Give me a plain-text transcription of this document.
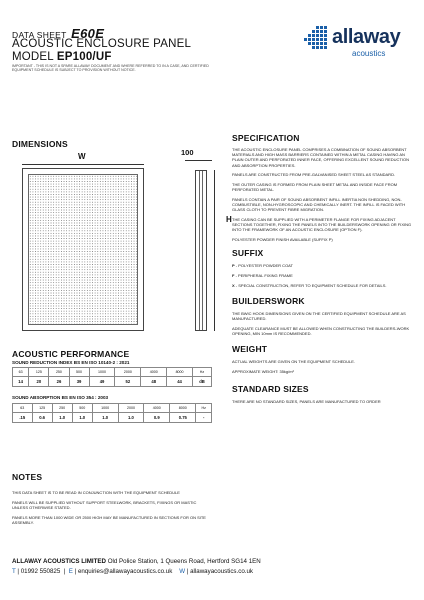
DATA SHEET E60E
ACOUSTIC ENCLOSURE PANEL
MODEL EP100/UF
IMPORTANT - THIS IS NOT A SPARE ALLAWAY DOCUMENT AND WHERE REFERRED TO IN A CASE, AND CERTIFIED EQUIPMENT SCHEDULE IS SUBJECT TO PROVISION WITHOUT NOTICE.
allaway
acoustics
DIMENSIONS
W	100
H
SPECIFICATION
THE ACOUSTIC ENCLOSURE PANEL COMPRISES A COMBINATION OF SOUND ABSORBENT MATERIALS AND HIGH MASS BARRIERS CONTAINED WITHIN A METAL CASING HAVING AN PLAIN OUTER AND PERFORATED INNER FACE, OFFERING EXCELLENT SOUND REDUCTION AND ABSORPTION PROPERTIES.
PANELS ARE CONSTRUCTED FROM PRE-GALVANISED SHEET STEEL AS STANDARD.
THE OUTER CASING IS FORMED FROM PLAIN SHEET METAL AND INSIDE FACE FROM PERFORATED METAL.
PANELS CONTAIN A PAIR OF SOUND ABSORBENT INFILL INERTIA NON SHEDDING, NON-COMBUSTIBLE, NON-HYGROSCOPIC AND CHEMICALLY INERT. THE INFILL IS FACED WITH GLASS CLOTH TO PREVENT FIBRE MIGRATION.
THE CASING CAN BE SUPPLIED WITH A PERIMETER FLANGE FOR FIXING ADJACENT SECTIONS TOGETHER, FIXING THE PANELS INTO THE BUILDERSWORK OPENING OR FIXING INTO THE FRAMEWORK OF AN ACOUSTIC ENCLOSURE (OPTION F).
POLYESTER POWDER FINISH AVAILABLE (SUFFIX P)
SUFFIX
P - POLYESTER POWDER COAT
F - PERIPHERAL FIXING FRAME
X - SPECIAL CONSTRUCTION, REFER TO EQUIPMENT SCHEDULE FOR DETAILS.
BUILDERSWORK
THE BWIC HOOK DIMENSIONS GIVEN ON THE CERTIFIED EQUIPMENT SCHEDULE ARE AS MANUFACTURED.
ADEQUATE CLEARANCE MUST BE ALLOWED WHEN CONSTRUCTING THE BUILDERS-WORK OPENING, MIN 10mm IS RECOMMENDED.
WEIGHT
ACTUAL WEIGHTS ARE GIVEN ON THE EQUIPMENT SCHEDULE.
APPROXIMATE WEIGHT: 35kg/m²
STANDARD SIZES
THERE ARE NO STANDARD SIZES, PANELS ARE MANUFACTURED TO ORDER
ACOUSTIC PERFORMANCE
SOUND REDUCTION INDEX BS EN ISO 10140-2 : 2021
63	125	250	500	1000	2000	4000	8000	Hz
14	20	26	39	49	52	48	44	dB
SOUND ABSORPTION BS EN ISO 354 : 2003
63	125	250	500	1000	2000	4000	8000	Hz
.15	0.6	1.0	1.0	1.0	1.0	0.9	0.75	-
NOTES
THIS DATA SHEET IS TO BE READ IN CONJUNCTION WITH THE EQUIPMENT SCHEDULE
PANELS WILL BE SUPPLIED WITHOUT SUPPORT STEELWORK, BRACKETS, FIXINGS OR MASTIC UNLESS OTHERWISE STATED.
PANELS MORE THAN 1000 WIDE OR 2500 HIGH MAY BE MANUFACTURED IN SECTIONS FOR ON SITE ASSEMBLY.
ALLAWAY ACOUSTICS LIMITED Old Police Station, 1 Queens Road, Hertford SG14 1EN
T | 01992 550825  |  E | enquiries@allawayacoustics.co.uk W | allawayacoustics.co.uk
